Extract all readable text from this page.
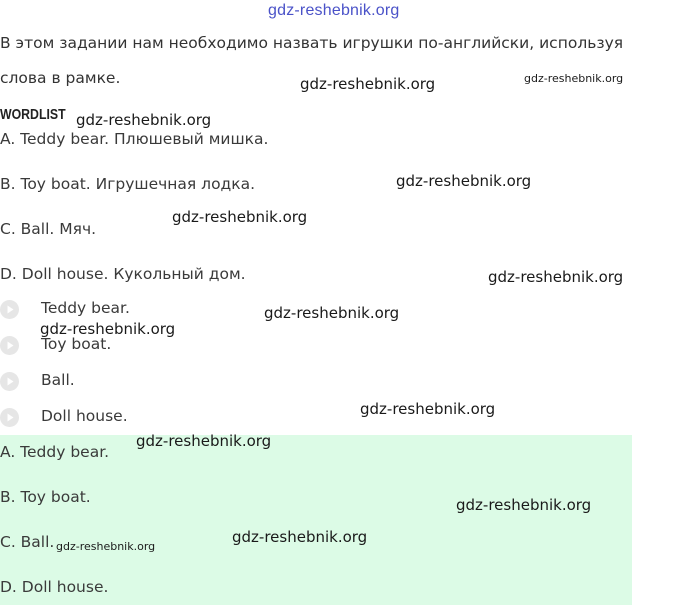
gdz-reshebnik.org
В этом задании нам необходимо назвать игрушки по-английски, используя
слова в рамке.
WORDLIST
A. Teddy bear. Плюшевый мишка.
B. Toy boat. Игрушечная лодка.
C. Ball. Мяч.
D. Doll house. Кукольный дом.
Teddy bear.
Toy boat.
Ball.
Doll house.
A. Teddy bear.
B. Toy boat.
C. Ball.
D. Doll house.
gdz-reshebnik.org	gdz-reshebnik.org
gdz-reshebnik.org
gdz-reshebnik.org
gdz-reshebnik.org
gdz-reshebnik.org
gdz-reshebnik.org
gdz-reshebnik.org
gdz-reshebnik.org
gdz-reshebnik.org
gdz-reshebnik.org
gdz-reshebnik.org
gdz-reshebnik.org
